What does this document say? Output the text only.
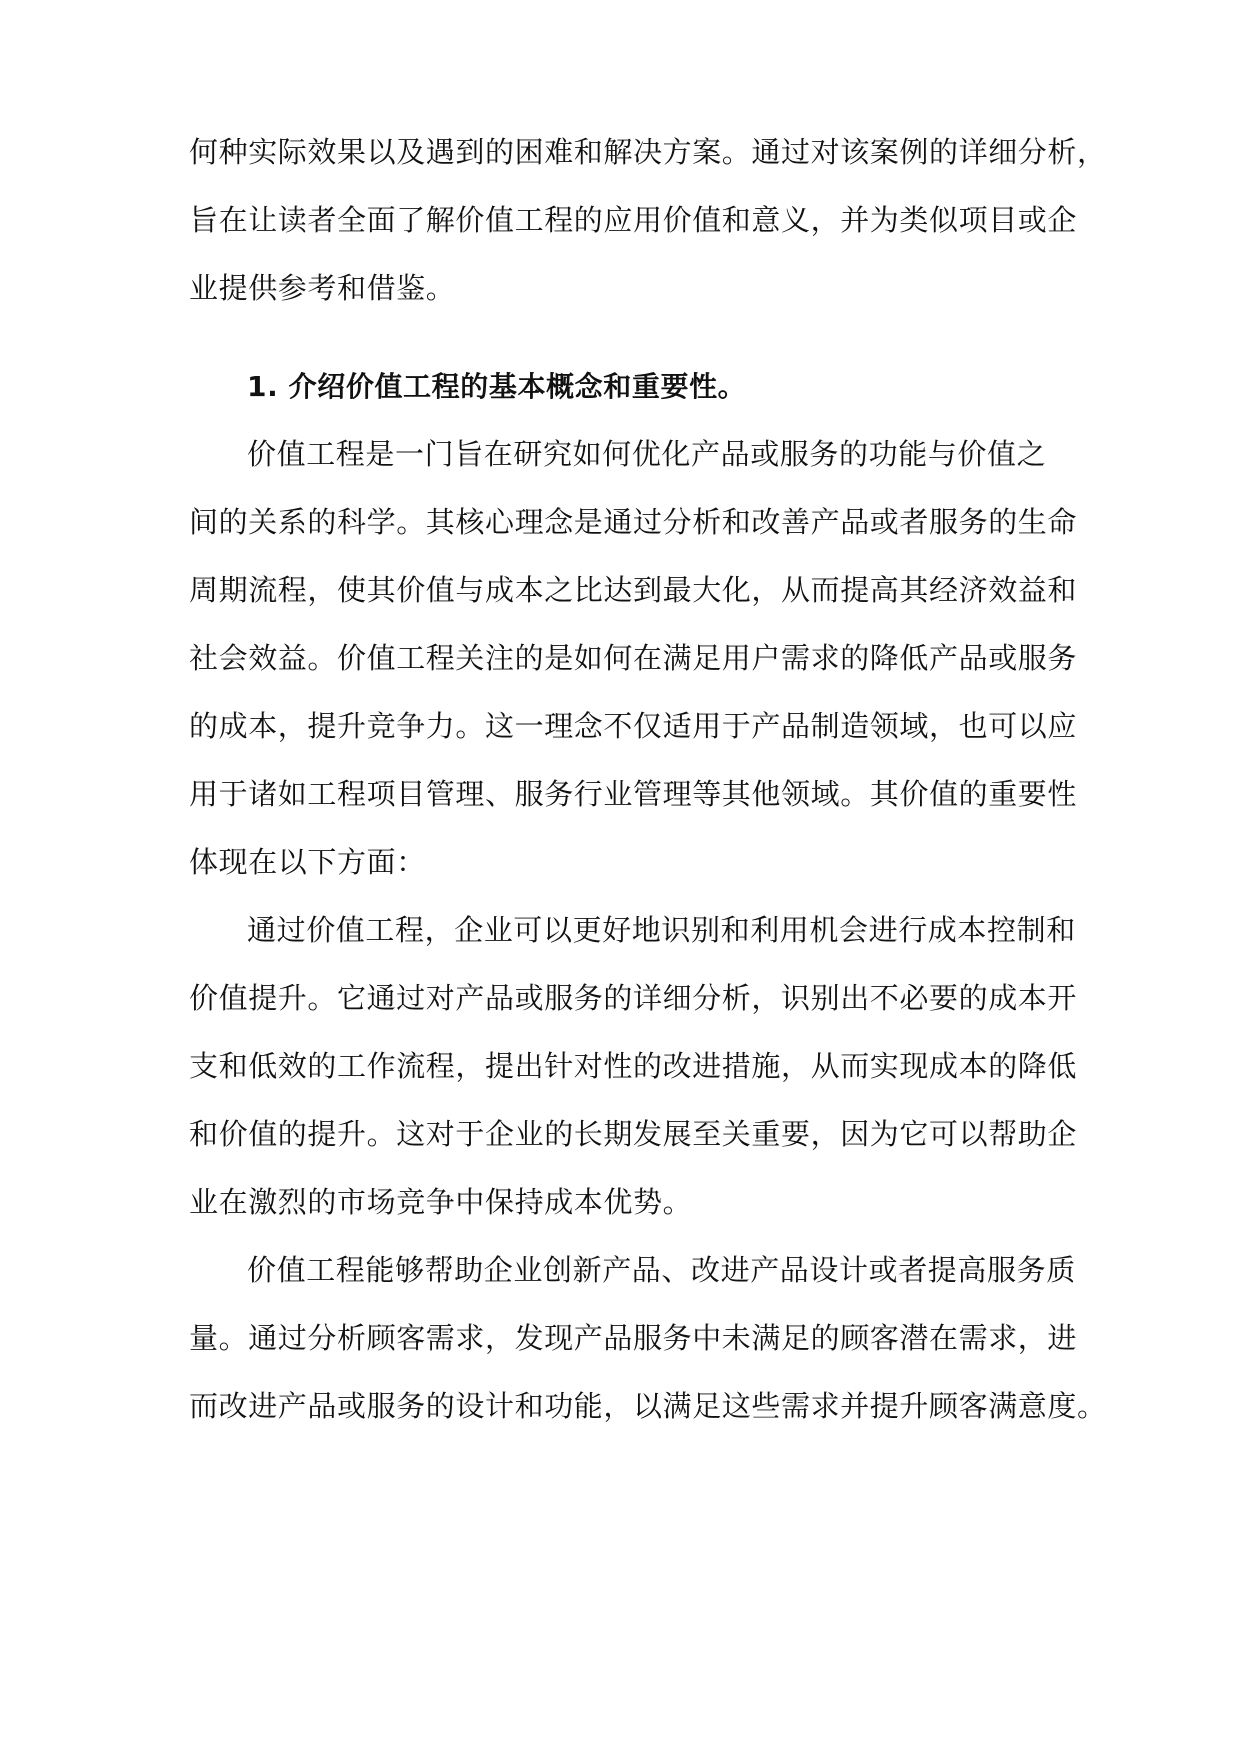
何种实际效果以及遇到的困难和解决方案。通过对该案例的详细分析，
旨在让读者全面了解价值工程的应用价值和意义，并为类似项目或企
业提供参考和借鉴。
1. 介绍价值工程的基本概念和重要性。
价值工程是一门旨在研究如何优化产品或服务的功能与价值之
间的关系的科学。其核心理念是通过分析和改善产品或者服务的生命
周期流程，使其价值与成本之比达到最大化，从而提高其经济效益和
社会效益。价值工程关注的是如何在满足用户需求的降低产品或服务
的成本，提升竞争力。这一理念不仅适用于产品制造领域，也可以应
用于诸如工程项目管理、服务行业管理等其他领域。其价值的重要性
体现在以下方面：
通过价值工程，企业可以更好地识别和利用机会进行成本控制和
价值提升。它通过对产品或服务的详细分析，识别出不必要的成本开
支和低效的工作流程，提出针对性的改进措施，从而实现成本的降低
和价值的提升。这对于企业的长期发展至关重要，因为它可以帮助企
业在激烈的市场竞争中保持成本优势。
价值工程能够帮助企业创新产品、改进产品设计或者提高服务质
量。通过分析顾客需求，发现产品服务中未满足的顾客潜在需求，进
而改进产品或服务的设计和功能，以满足这些需求并提升顾客满意度。
